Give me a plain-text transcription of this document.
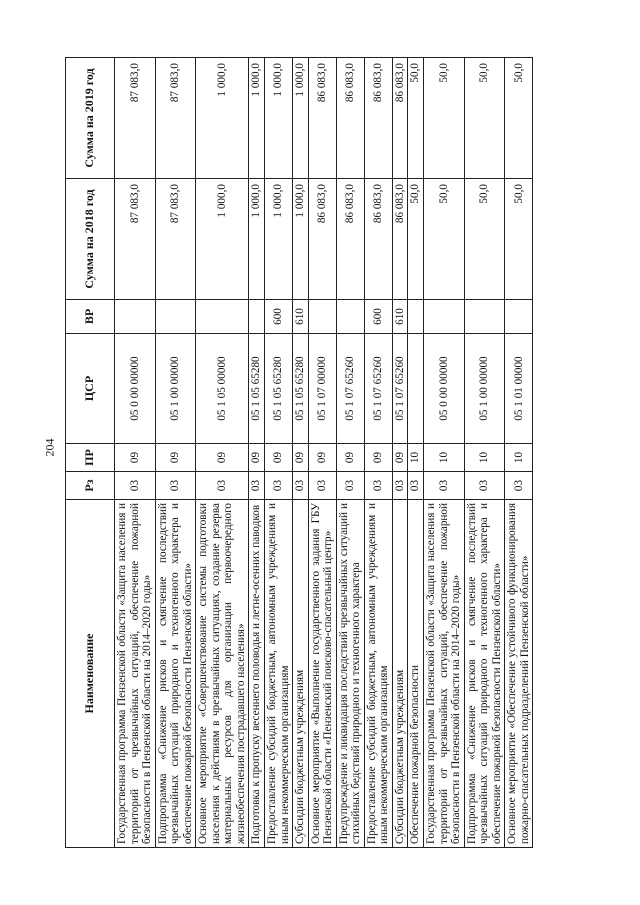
204
Наименование	Рз	ПР	ЦСР	ВР	Сумма на 2018 год	Сумма на 2019 год
Государственная программа Пензенской области «Защита населения и территорий от чрезвычайных ситуаций, обеспечение пожарной безопасности в Пензенской области на 2014–2020 годы»	03	09	05 0 00 00000		87 083,0	87 083,0
Подпрограмма «Снижение рисков и смягчение последствий чрезвычайных ситуаций природного и техногенного характера и обеспечение пожарной безопасности Пензенской области»	03	09	05 1 00 00000		87 083,0	87 083,0
Основное мероприятие «Совершенствование системы подготовки населения к действиям в чрезвычайных ситуациях, создание резерва материальных ресурсов для организации первоочередного жизнеобеспечения пострадавшего населения»	03	09	05 1 05 00000		1 000,0	1 000,0
Подготовка к пропуску весеннего половодья и летне-осенних паводков	03	09	05 1 05 65280		1 000,0	1 000,0
Предоставление субсидий бюджетным, автономным учреждениям и иным некоммерческим организациям	03	09	05 1 05 65280	600	1 000,0	1 000,0
Субсидии бюджетным учреждениям	03	09	05 1 05 65280	610	1 000,0	1 000,0
Основное мероприятие «Выполнение государственного задания ГБУ Пензенской области «Пензенский поисково-спасательный центр»	03	09	05 1 07 00000		86 083,0	86 083,0
Предупреждение и ликвидация последствий чрезвычайных ситуаций и стихийных бедствий природного и техногенного характера	03	09	05 1 07 65260		86 083,0	86 083,0
Предоставление субсидий бюджетным, автономным учреждениям и иным некоммерческим организациям	03	09	05 1 07 65260	600	86 083,0	86 083,0
Субсидии бюджетным учреждениям	03	09	05 1 07 65260	610	86 083,0	86 083,0
Обеспечение пожарной безопасности	03	10			50,0	50,0
Государственная программа Пензенской области «Защита населения и территорий от чрезвычайных ситуаций, обеспечение пожарной безопасности в Пензенской области на 2014–2020 годы»	03	10	05 0 00 00000		50,0	50,0
Подпрограмма «Снижение рисков и смягчение последствий чрезвычайных ситуаций природного и техногенного характера и обеспечение пожарной безопасности Пензенской области»	03	10	05 1 00 00000		50,0	50,0
Основное мероприятие «Обеспечение устойчивого функционирования пожарно-спасательных подразделений Пензенской области»	03	10	05 1 01 00000		50,0	50,0
